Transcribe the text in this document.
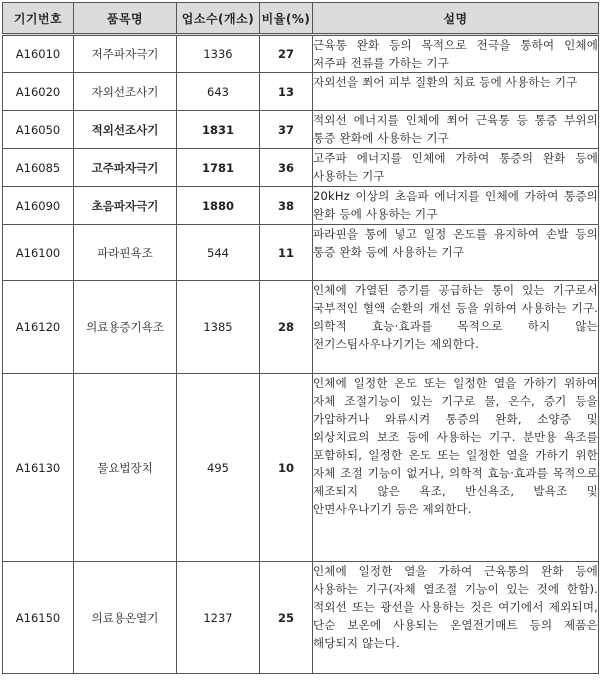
기기번호	품목명	업소수(개소)	비율(%)	설명
A16010	저주파자극기	1336	27	근육통 완화 등의 목적으로 전극을 통하여 인체에 저주파 전류를 가하는 기구
A16020	자외선조사기	643	13	자외선을 쬐어 피부 질환의 치료 등에 사용하는 기구
A16050	적외선조사기	1831	37	적외선 에너지를 인체에 쬐어 근육통 등 통증 부위의 통증 완화에 사용하는 기구
A16085	고주파자극기	1781	36	고주파 에너지를 인체에 가하여 통증의 완화 등에 사용하는 기구
A16090	초음파자극기	1880	38	20kHz 이상의 초음파 에너지를 인체에 가하여 통증의 완화 등에 사용하는 기구
A16100	파라핀욕조	544	11	파라핀을 통에 넣고 일정 온도를 유지하여 손발 등의 통증 완화 등에 사용하는 기구
A16120	의료용증기욕조	1385	28	인체에 가열된 증기를 공급하는 통이 있는 기구로서 국부적인 혈액 순환의 개선 등을 위하여 사용하는 기구. 의학적 효능·효과를 목적으로 하지 않는 전기스팀사우나기기는 제외한다.
A16130	물요법장치	495	10	인체에 일정한 온도 또는 일정한 열을 가하기 위하여 자체 조절기능이 있는 기구로 물, 온수, 증기 등을 가압하거나 와류시켜 통증의 완화, 소양증 및 외상치료의 보조 등에 사용하는 기구. 분만용 욕조를 포함하되, 일정한 온도 또는 일정한 열을 가하기 위한 자체 조절 기능이 없거나, 의학적 효능·효과를 목적으로 제조되지 않은 욕조, 반신욕조, 발욕조 및 안면사우나기기 등은 제외한다.
A16150	의료용온열기	1237	25	인체에 일정한 열을 가하여 근육통의 완화 등에 사용하는 기구(자체 열조절 기능이 있는 것에 한함). 적외선 또는 광선을 사용하는 것은 여기에서 제외되며, 단순 보온에 사용되는 온열전기매트 등의 제품은 해당되지 않는다.
